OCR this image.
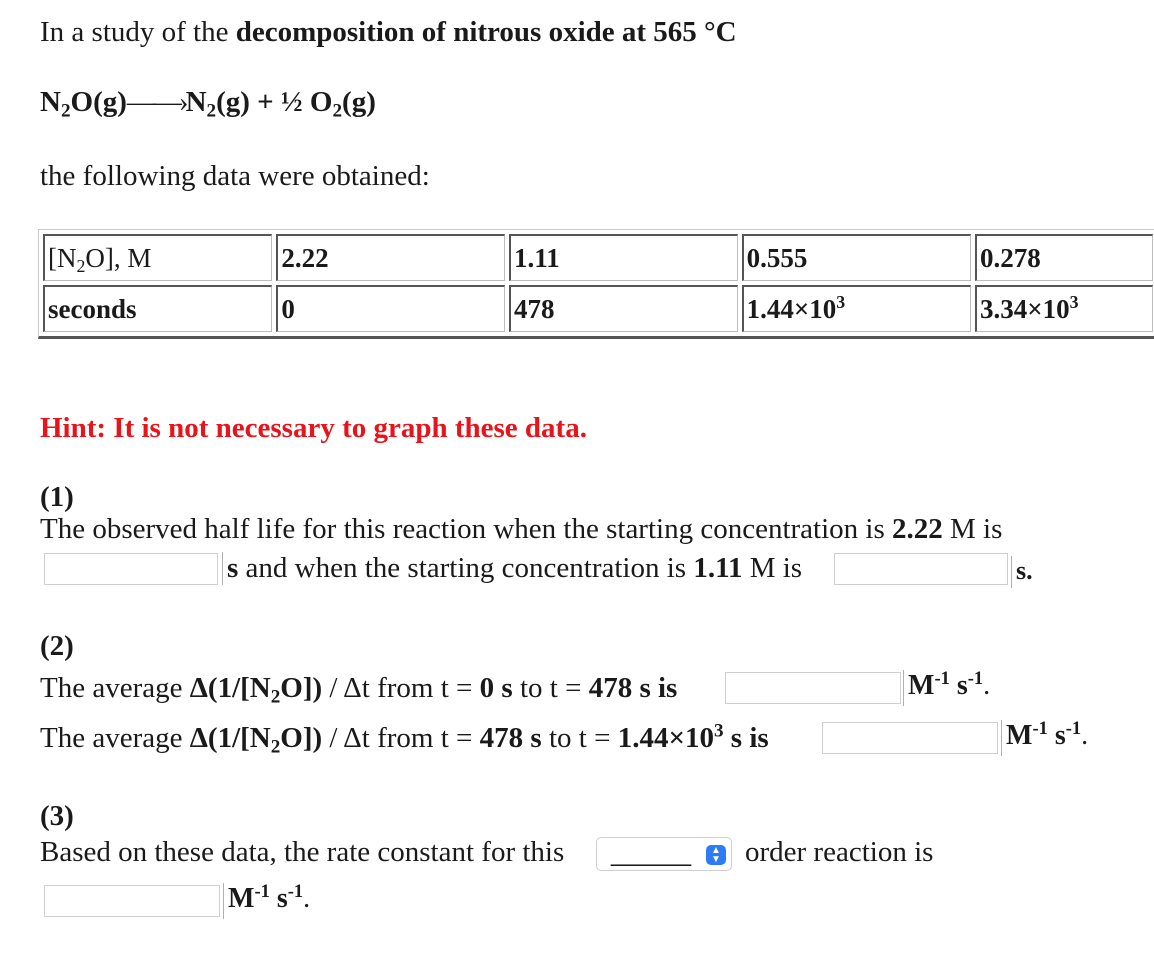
In a study of the decomposition of nitrous oxide at 565 °C
$N_2O(g)——›N_2(g)$ + ½ $O_2(g)$
the following data were obtained:
$[N_2O]$, M	2.22	1.11	0.555	0.278
seconds	0	478	$1.44\times 10^3$	$3.34\times 10^3$
Hint: It is not necessary to graph these data.
(1)
The observed half life for this reaction when the starting concentration is 2.22 M is
s and when the starting concentration is 1.11 M is	s.
(2)
The average $\Delta(1/[N_2O])$ / Δt from t = 0 s to t = 478 s is	$M^{-1}$ $s^{-1}$.
The average $\Delta(1/[N_2O])$ / Δt from t = 478 s to $t = 1.44\times 10^3$ s is	$M^{-1}$ $s^{-1}$.
(3)
Based on these data, the rate constant for this ______	▲
▼ order reaction is
$M^{-1}$ $s^{-1}$.
